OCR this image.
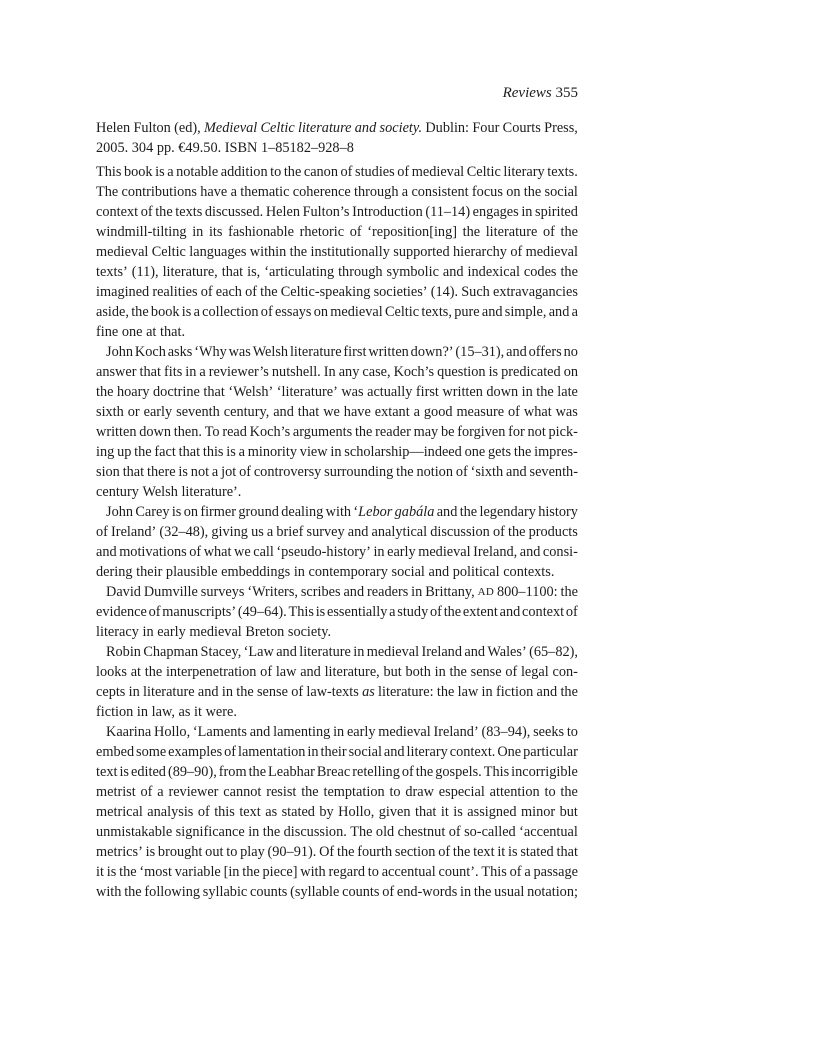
Reviews 355
Helen Fulton (ed), Medieval Celtic literature and society. Dublin: Four Courts Press,
2005. 304 pp. €49.50. ISBN 1–85182–928–8
This book is a notable addition to the canon of studies of medieval Celtic literary texts.
The contributions have a thematic coherence through a consistent focus on the social
context of the texts discussed. Helen Fulton’s Introduction (11–14) engages in spirited
windmill-tilting in its fashionable rhetoric of ‘reposition[ing] the literature of the
medieval Celtic languages within the institutionally supported hierarchy of medieval
texts’ (11), literature, that is, ‘articulating through symbolic and indexical codes the
imagined realities of each of the Celtic-speaking societies’ (14). Such extravagancies
aside, the book is a collection of essays on medieval Celtic texts, pure and simple, and a
fine one at that.
John Koch asks ‘Why was Welsh literature first written down?’ (15–31), and offers no
answer that fits in a reviewer’s nutshell. In any case, Koch’s question is predicated on
the hoary doctrine that ‘Welsh’ ‘literature’ was actually first written down in the late
sixth or early seventh century, and that we have extant a good measure of what was
written down then. To read Koch’s arguments the reader may be forgiven for not pick-
ing up the fact that this is a minority view in scholarship—indeed one gets the impres-
sion that there is not a jot of controversy surrounding the notion of ‘sixth and seventh-
century Welsh literature’.
John Carey is on firmer ground dealing with ‘Lebor gabála and the legendary history
of Ireland’ (32–48), giving us a brief survey and analytical discussion of the products
and motivations of what we call ‘pseudo-history’ in early medieval Ireland, and consi-
dering their plausible embeddings in contemporary social and political contexts.
David Dumville surveys ‘Writers, scribes and readers in Brittany, AD 800–1100: the
evidence of manuscripts’ (49–64). This is essentially a study of the extent and context of
literacy in early medieval Breton society.
Robin Chapman Stacey, ‘Law and literature in medieval Ireland and Wales’ (65–82),
looks at the interpenetration of law and literature, but both in the sense of legal con-
cepts in literature and in the sense of law-texts as literature: the law in fiction and the
fiction in law, as it were.
Kaarina Hollo, ‘Laments and lamenting in early medieval Ireland’ (83–94), seeks to
embed some examples of lamentation in their social and literary context. One particular
text is edited (89–90), from the Leabhar Breac retelling of the gospels. This incorrigible
metrist of a reviewer cannot resist the temptation to draw especial attention to the
metrical analysis of this text as stated by Hollo, given that it is assigned minor but
unmistakable significance in the discussion. The old chestnut of so-called ‘accentual
metrics’ is brought out to play (90–91). Of the fourth section of the text it is stated that
it is the ‘most variable [in the piece] with regard to accentual count’. This of a passage
with the following syllabic counts (syllable counts of end-words in the usual notation;
